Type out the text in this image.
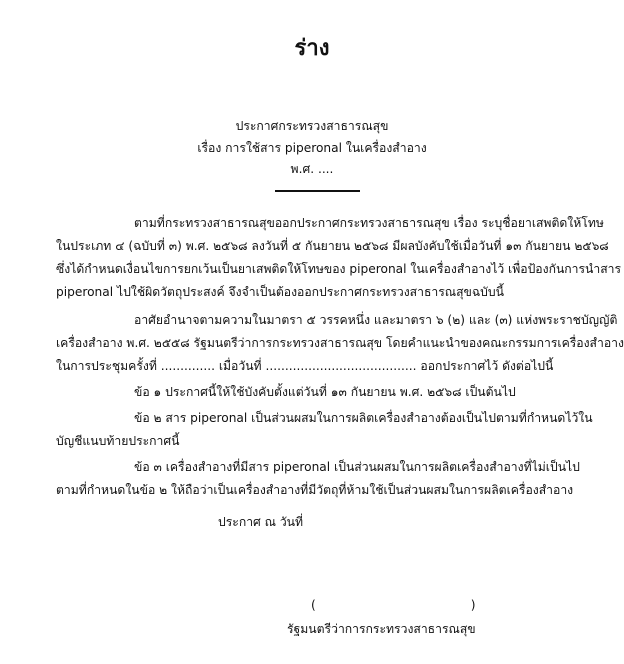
ร่าง
ประกาศกระทรวงสาธารณสุข
เรื่อง การใช้สาร piperonal ในเครื่องสำอาง
พ.ศ. ....
ตามที่กระทรวงสาธารณสุขออกประกาศกระทรวงสาธารณสุข เรื่อง ระบุชื่อยาเสพติดให้โทษ
ในประเภท ๔ (ฉบับที่ ๓) พ.ศ. ๒๕๖๘ ลงวันที่ ๕ กันยายน ๒๕๖๘ มีผลบังคับใช้เมื่อวันที่ ๑๓ กันยายน ๒๕๖๘
ซึ่งได้กำหนดเงื่อนไขการยกเว้นเป็นยาเสพติดให้โทษของ piperonal ในเครื่องสำอางไว้ เพื่อป้องกันการนำสาร
piperonal ไปใช้ผิดวัตถุประสงค์ จึงจำเป็นต้องออกประกาศกระทรวงสาธารณสุขฉบับนี้
อาศัยอำนาจตามความในมาตรา ๕ วรรคหนึ่ง และมาตรา ๖ (๒) และ (๓) แห่งพระราชบัญญัติ
เครื่องสำอาง พ.ศ. ๒๕๕๘ รัฐมนตรีว่าการกระทรวงสาธารณสุข โดยคำแนะนำของคณะกรรมการเครื่องสำอาง
ในการประชุมครั้งที่ .............. เมื่อวันที่ ....................................... ออกประกาศไว้ ดังต่อไปนี้
ข้อ ๑ ประกาศนี้ให้ใช้บังคับตั้งแต่วันที่ ๑๓ กันยายน พ.ศ. ๒๕๖๘ เป็นต้นไป
ข้อ ๒ สาร piperonal เป็นส่วนผสมในการผลิตเครื่องสำอางต้องเป็นไปตามที่กำหนดไว้ใน
บัญชีแนบท้ายประกาศนี้
ข้อ ๓ เครื่องสำอางที่มีสาร piperonal เป็นส่วนผสมในการผลิตเครื่องสำอางที่ไม่เป็นไป
ตามที่กำหนดในข้อ ๒ ให้ถือว่าเป็นเครื่องสำอางที่มีวัตถุที่ห้ามใช้เป็นส่วนผสมในการผลิตเครื่องสำอาง
ประกาศ ณ วันที่
(                                        )
รัฐมนตรีว่าการกระทรวงสาธารณสุข
